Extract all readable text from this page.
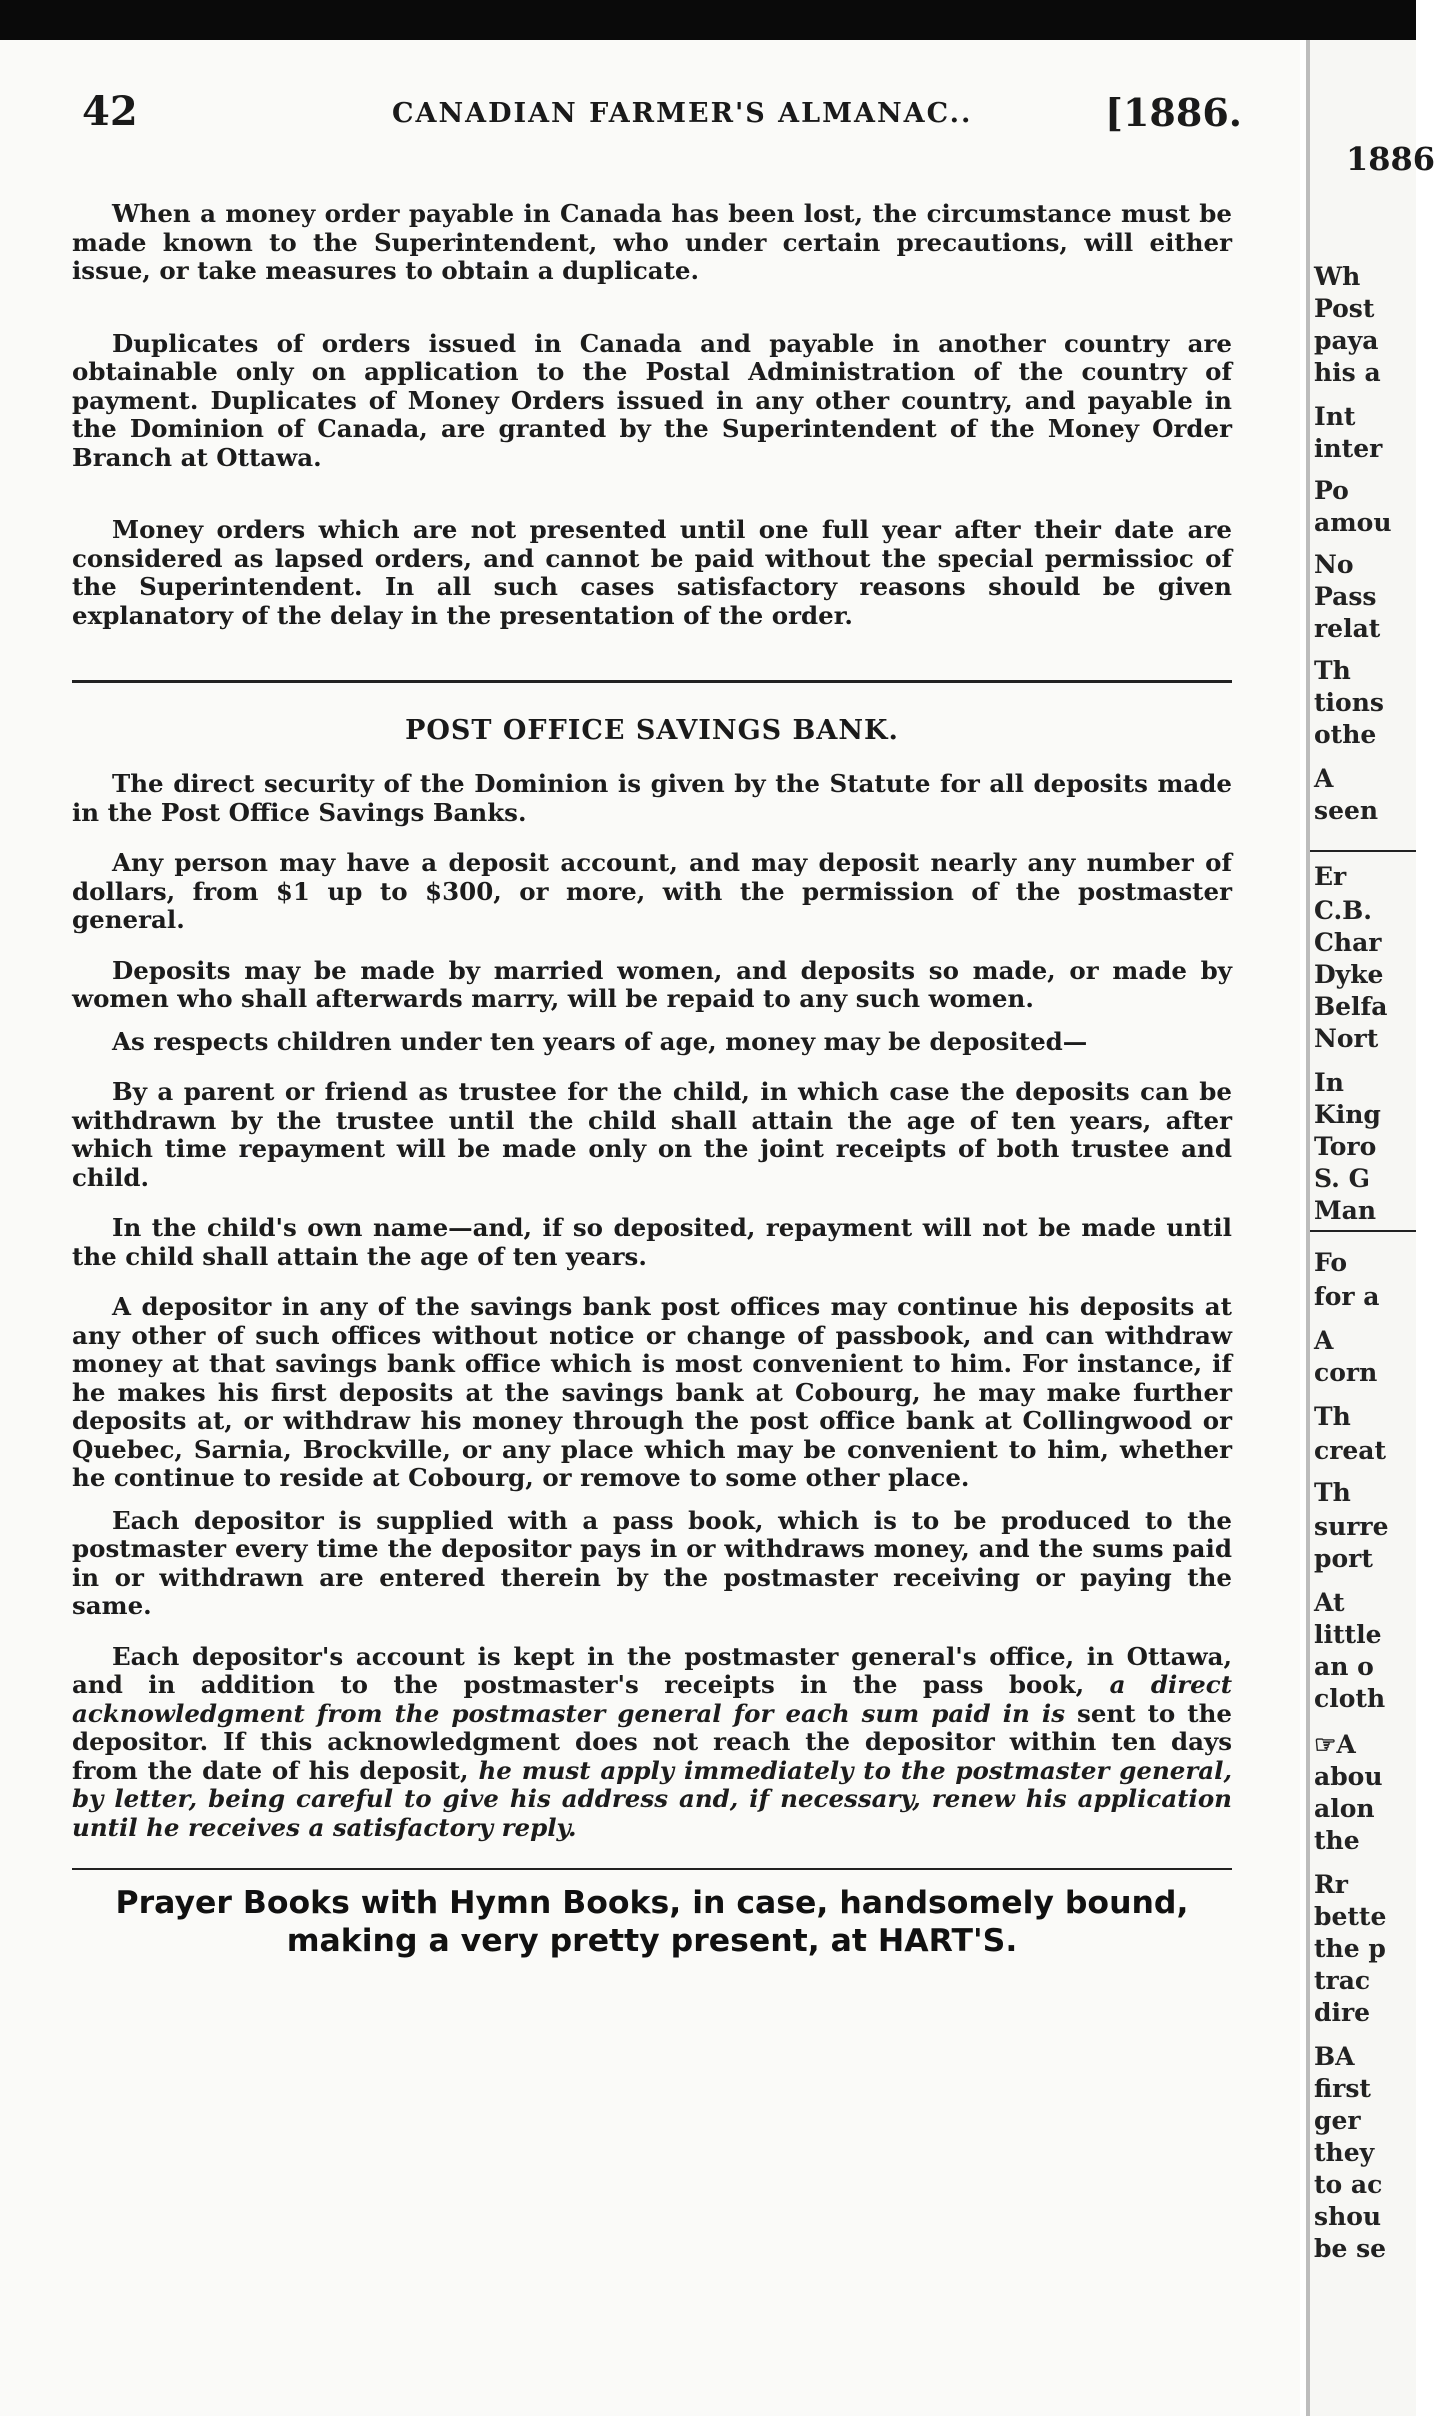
42	CANADIAN FARMER'S ALMANAC..	[1886.

When a money order payable in Canada has been lost, the circumstance must be made known to the Superintendent, who under certain precautions, will either issue, or take measures to obtain a duplicate.

Duplicates of orders issued in Canada and payable in another country are obtainable only on application to the Postal Administration of the country of payment. Duplicates of Money Orders issued in any other country, and payable in the Dominion of Canada, are granted by the Superintendent of the Money Order Branch at Ottawa.

Money orders which are not presented until one full year after their date are considered as lapsed orders, and cannot be paid without the special permissioc of the Superintendent. In all such cases satisfactory reasons should be given explanatory of the delay in the presentation of the order.

POST OFFICE SAVINGS BANK.

The direct security of the Dominion is given by the Statute for all deposits made in the Post Office Savings Banks.

Any person may have a deposit account, and may deposit nearly any number of dollars, from $1 up to $300, or more, with the permission of the postmaster general.

Deposits may be made by married women, and deposits so made, or made by women who shall afterwards marry, will be repaid to any such women.

As respects children under ten years of age, money may be deposited—

By a parent or friend as trustee for the child, in which case the deposits can be withdrawn by the trustee until the child shall attain the age of ten years, after which time repayment will be made only on the joint receipts of both trustee and child.

In the child's own name—and, if so deposited, repayment will not be made until the child shall attain the age of ten years.

A depositor in any of the savings bank post offices may continue his deposits at any other of such offices without notice or change of passbook, and can withdraw money at that savings bank office which is most convenient to him. For instance, if he makes his first deposits at the savings bank at Cobourg, he may make further deposits at, or withdraw his money through the post office bank at Collingwood or Quebec, Sarnia, Brockville, or any place which may be convenient to him, whether he continue to reside at Cobourg, or remove to some other place.

Each depositor is supplied with a pass book, which is to be produced to the postmaster every time the depositor pays in or withdraws money, and the sums paid in or withdrawn are entered therein by the postmaster receiving or paying the same.

Each depositor's account is kept in the postmaster general's office, in Ottawa, and in addition to the postmaster's receipts in the pass book, a direct acknowledgment from the postmaster general for each sum paid in is sent to the depositor. If this acknowledgment does not reach the depositor within ten days from the date of his deposit, he must apply immediately to the postmaster general, by letter, being careful to give his address and, if necessary, renew his application until he receives a satisfactory reply.

Prayer Books with Hymn Books, in case, handsomely bound,

making a very pretty present, at HART'S.

1886
Wh
Post
paya
his a
Int
inter
Po
amou
No
Pass
relat
Th
tions
othe
A
seen
Er
C.B.
Char
Dyke
Belfa
Nort
In
King
Toro
S. G
Man
Fo
for a
A
corn
Th
creat
Th
surre
port
At
little
an o
cloth
☞A
abou
alon
the
Rr
bette
the p
trac
dire
BA
first
ger
they
to ac
shou
be se
